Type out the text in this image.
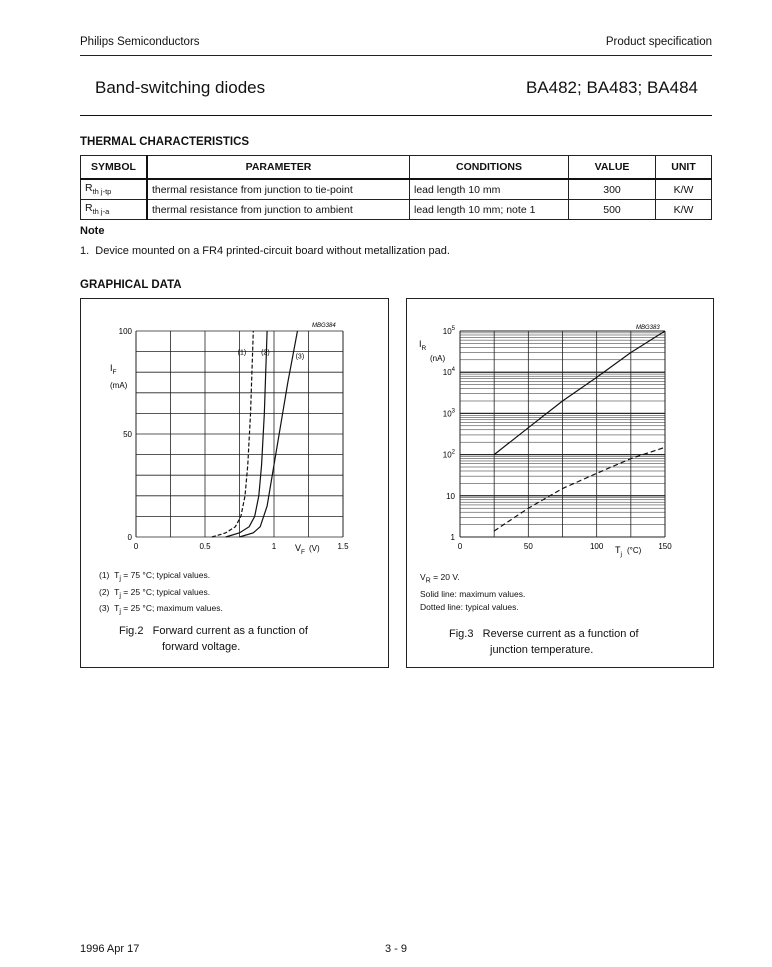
Philips Semiconductors	Product specification
Band-switching diodes	BA482; BA483; BA484
THERMAL CHARACTERISTICS
SYMBOL	PARAMETER	CONDITIONS	VALUE	UNIT
$R_{th j-tp}$	thermal resistance from junction to tie-point	lead length 10 mm	300	K/W
$R_{th j-a}$	thermal resistance from junction to ambient	lead length 10 mm; note 1	500	K/W
Note
1.  Device mounted on a FR4 printed-circuit board without metallization pad.
GRAPHICAL DATA
MBG384
$I_F$
(mA)
$V_F$ (V)
0	0.5	1	1.5
0
50
100
(1) (2)
(3)
(1) $T_j = 75$ °C; typical values.
(2) $T_j = 25$ °C; typical values.
(3) $T_j = 25$ °C; maximum values.
Fig.2 Forward current as a function of
forward voltage.
MBG383
$I_R$
(nA)
$T_j$ (°C)
0	50	100	150
1
10
$10^2$
$10^3$
$10^4$
$10^5$
$V_R = 20$ V.
Solid line: maximum values.
Dotted line: typical values.
Fig.3 Reverse current as a function of
junction temperature.
1996 Apr 17	3 - 9
